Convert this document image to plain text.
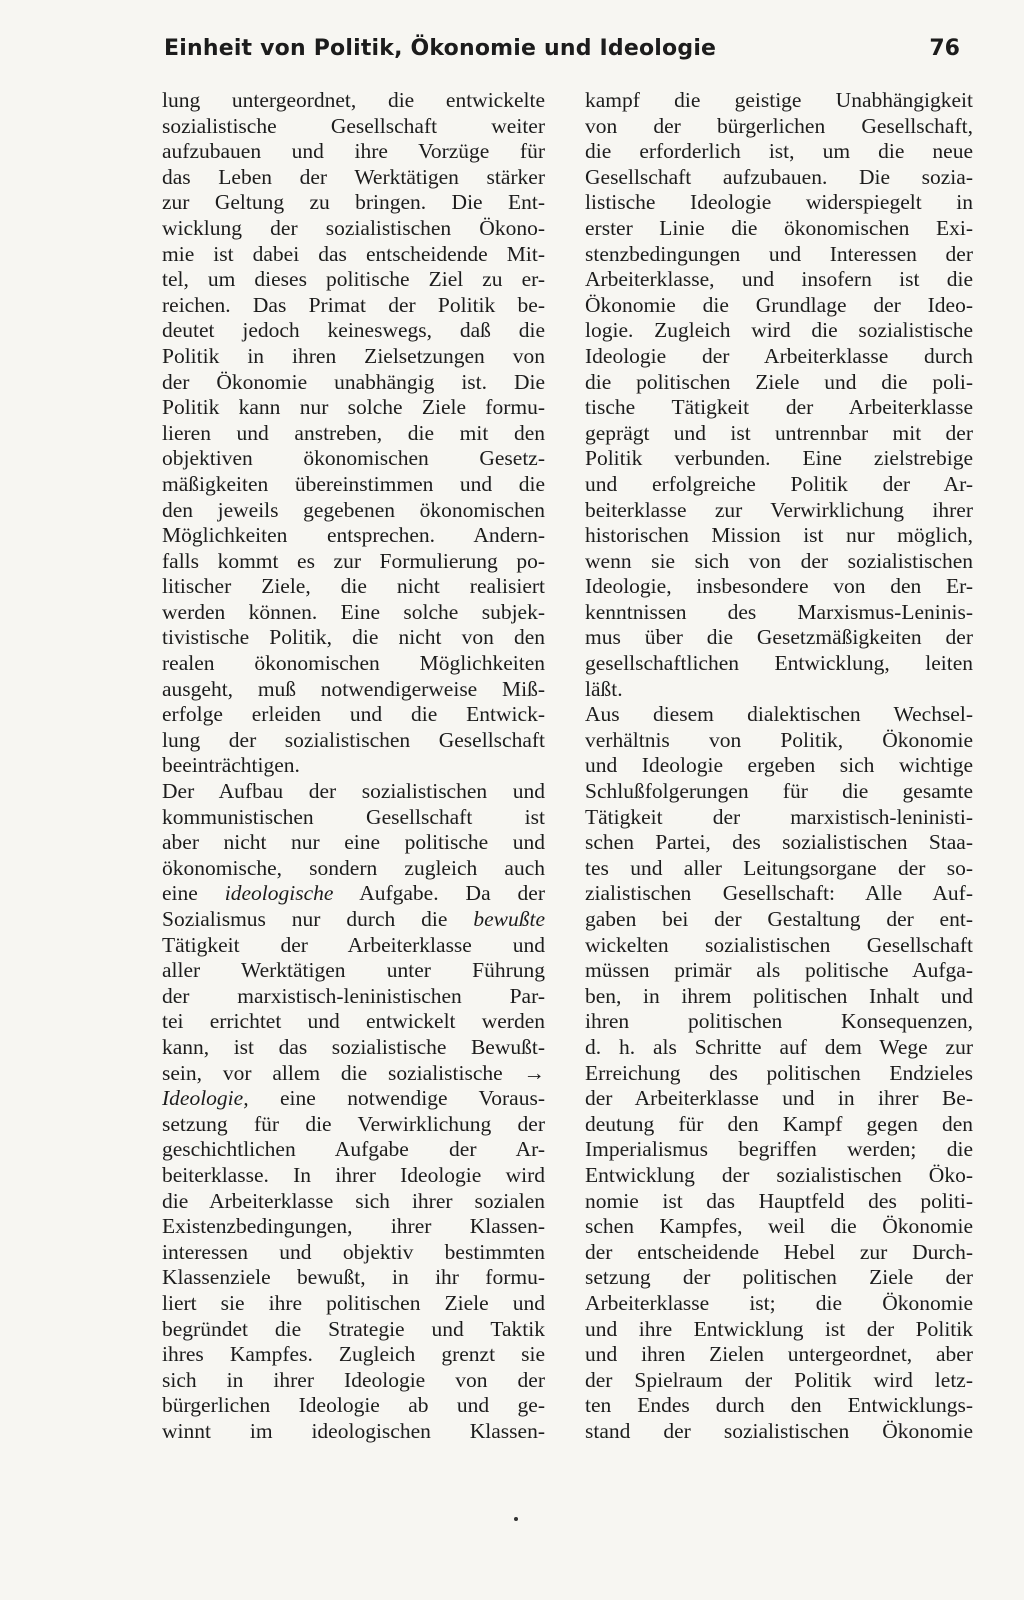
Einheit von Politik, Ökonomie und Ideologie	76
lung untergeordnet, die entwickelte
sozialistische Gesellschaft weiter
aufzubauen und ihre Vorzüge für
das Leben der Werktätigen stärker
zur Geltung zu bringen. Die Ent-
wicklung der sozialistischen Ökono-
mie ist dabei das entscheidende Mit-
tel, um dieses politische Ziel zu er-
reichen. Das Primat der Politik be-
deutet jedoch keineswegs, daß die
Politik in ihren Zielsetzungen von
der Ökonomie unabhängig ist. Die
Politik kann nur solche Ziele formu-
lieren und anstreben, die mit den
objektiven ökonomischen Gesetz-
mäßigkeiten übereinstimmen und die
den jeweils gegebenen ökonomischen
Möglichkeiten entsprechen. Andern-
falls kommt es zur Formulierung po-
litischer Ziele, die nicht realisiert
werden können. Eine solche subjek-
tivistische Politik, die nicht von den
realen ökonomischen Möglichkeiten
ausgeht, muß notwendigerweise Miß-
erfolge erleiden und die Entwick-
lung der sozialistischen Gesellschaft
beeinträchtigen.
Der Aufbau der sozialistischen und
kommunistischen Gesellschaft ist
aber nicht nur eine politische und
ökonomische, sondern zugleich auch
eine ideologische Aufgabe. Da der
Sozialismus nur durch die bewußte
Tätigkeit der Arbeiterklasse und
aller Werktätigen unter Führung
der marxistisch-leninistischen Par-
tei errichtet und entwickelt werden
kann, ist das sozialistische Bewußt-
sein, vor allem die sozialistische →
Ideologie, eine notwendige Voraus-
setzung für die Verwirklichung der
geschichtlichen Aufgabe der Ar-
beiterklasse. In ihrer Ideologie wird
die Arbeiterklasse sich ihrer sozialen
Existenzbedingungen, ihrer Klassen-
interessen und objektiv bestimmten
Klassenziele bewußt, in ihr formu-
liert sie ihre politischen Ziele und
begründet die Strategie und Taktik
ihres Kampfes. Zugleich grenzt sie
sich in ihrer Ideologie von der
bürgerlichen Ideologie ab und ge-
winnt im ideologischen Klassen-
kampf die geistige Unabhängigkeit
von der bürgerlichen Gesellschaft,
die erforderlich ist, um die neue
Gesellschaft aufzubauen. Die sozia-
listische Ideologie widerspiegelt in
erster Linie die ökonomischen Exi-
stenzbedingungen und Interessen der
Arbeiterklasse, und insofern ist die
Ökonomie die Grundlage der Ideo-
logie. Zugleich wird die sozialistische
Ideologie der Arbeiterklasse durch
die politischen Ziele und die poli-
tische Tätigkeit der Arbeiterklasse
geprägt und ist untrennbar mit der
Politik verbunden. Eine zielstrebige
und erfolgreiche Politik der Ar-
beiterklasse zur Verwirklichung ihrer
historischen Mission ist nur möglich,
wenn sie sich von der sozialistischen
Ideologie, insbesondere von den Er-
kenntnissen des Marxismus-Leninis-
mus über die Gesetzmäßigkeiten der
gesellschaftlichen Entwicklung, leiten
läßt.
Aus diesem dialektischen Wechsel-
verhältnis von Politik, Ökonomie
und Ideologie ergeben sich wichtige
Schlußfolgerungen für die gesamte
Tätigkeit der marxistisch-leninisti-
schen Partei, des sozialistischen Staa-
tes und aller Leitungsorgane der so-
zialistischen Gesellschaft: Alle Auf-
gaben bei der Gestaltung der ent-
wickelten sozialistischen Gesellschaft
müssen primär als politische Aufga-
ben, in ihrem politischen Inhalt und
ihren politischen Konsequenzen,
d. h. als Schritte auf dem Wege zur
Erreichung des politischen Endzieles
der Arbeiterklasse und in ihrer Be-
deutung für den Kampf gegen den
Imperialismus begriffen werden; die
Entwicklung der sozialistischen Öko-
nomie ist das Hauptfeld des politi-
schen Kampfes, weil die Ökonomie
der entscheidende Hebel zur Durch-
setzung der politischen Ziele der
Arbeiterklasse ist; die Ökonomie
und ihre Entwicklung ist der Politik
und ihren Zielen untergeordnet, aber
der Spielraum der Politik wird letz-
ten Endes durch den Entwicklungs-
stand der sozialistischen Ökonomie
